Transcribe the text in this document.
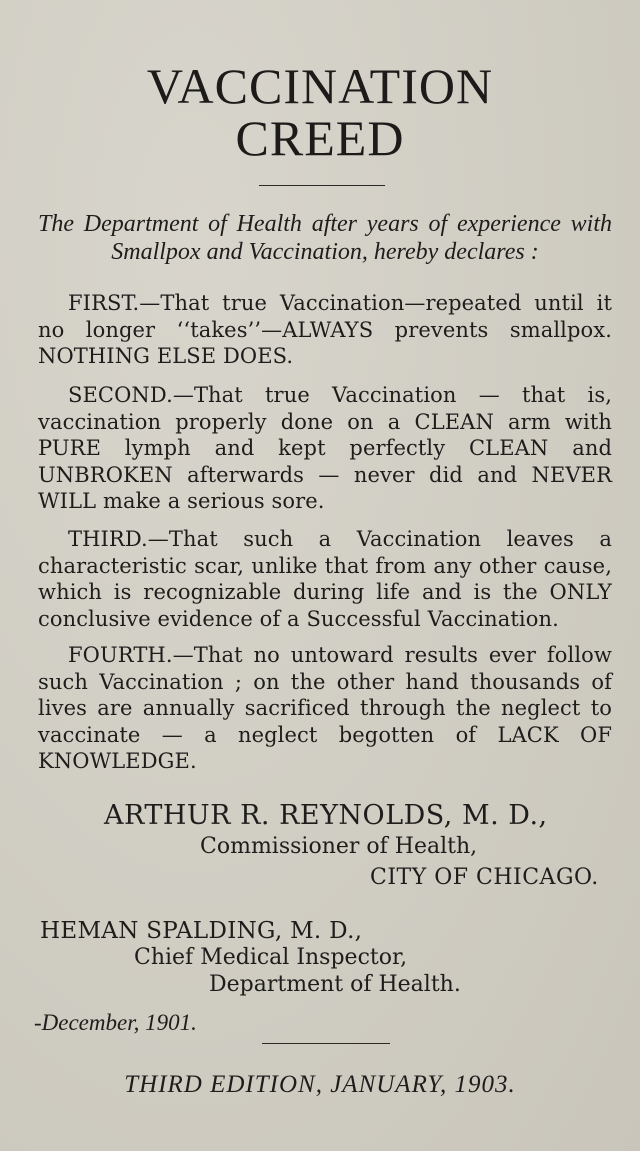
VACCINATION
CREED
The Department of Health after years of experience with Smallpox and Vaccination, hereby declares :
FIRST.—That true Vaccination—repeated until it no longer ‘‘takes’’—ALWAYS prevents smallpox. NOTHING ELSE DOES.
SECOND.—That true Vaccination — that is, vaccination properly done on a CLEAN arm with PURE lymph and kept perfectly CLEAN and UNBROKEN afterwards — never did and NEVER WILL make a serious sore.
THIRD.—That such a Vaccination leaves a characteristic scar, unlike that from any other cause, which is recognizable during life and is the ONLY conclusive evidence of a Successful Vaccination.
FOURTH.—That no untoward results ever follow such Vaccination ; on the other hand thousands of lives are annually sacrificed through the neglect to vaccinate — a neglect begotten of LACK OF KNOWLEDGE.
ARTHUR R. REYNOLDS, M. D.,
Commissioner of Health,
CITY OF CHICAGO.
HEMAN SPALDING, M. D.,
Chief Medical Inspector,
Department of Health.
-December, 1901.
THIRD EDITION, JANUARY, 1903.
